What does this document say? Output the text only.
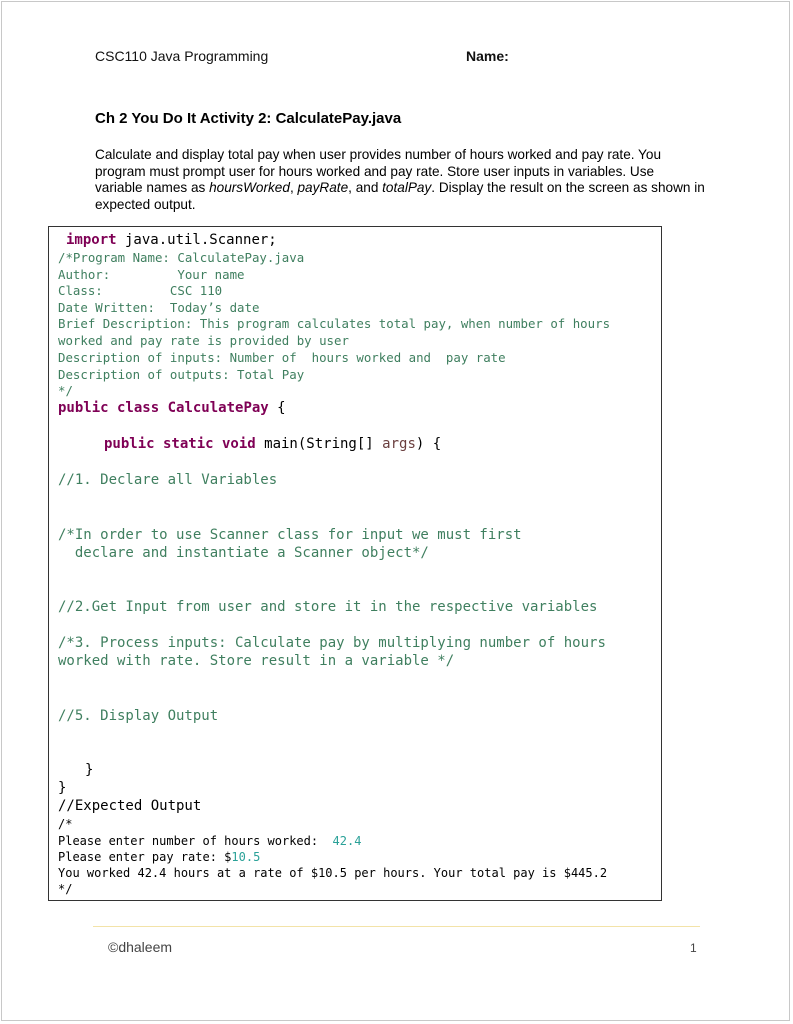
CSC110 Java Programming	Name:
Ch 2 You Do It Activity 2: CalculatePay.java
Calculate and display total pay when user provides number of hours worked and pay rate. You program must prompt user for hours worked and pay rate. Store user inputs in variables. Use variable names as hoursWorked, payRate, and totalPay. Display the result on the screen as shown in expected output.
import java.util.Scanner;
/*Program Name: CalculatePay.java
Author:         Your name
Class:         CSC 110
Date Written:  Today’s date
Brief Description: This program calculates total pay, when number of hours
worked and pay rate is provided by user
Description of inputs: Number of  hours worked and  pay rate
Description of outputs: Total Pay
*/
public class CalculatePay {
public static void main(String[] args) {
//1. Declare all Variables
/*In order to use Scanner class for input we must first
declare and instantiate a Scanner object*/
//2.Get Input from user and store it in the respective variables
/*3. Process inputs: Calculate pay by multiplying number of hours
worked with rate. Store result in a variable */
//5. Display Output
}
}
//Expected Output
/*
Please enter number of hours worked:  42.4
Please enter pay rate: $10.5
You worked 42.4 hours at a rate of $10.5 per hours. Your total pay is $445.2
*/
©dhaleem	1
